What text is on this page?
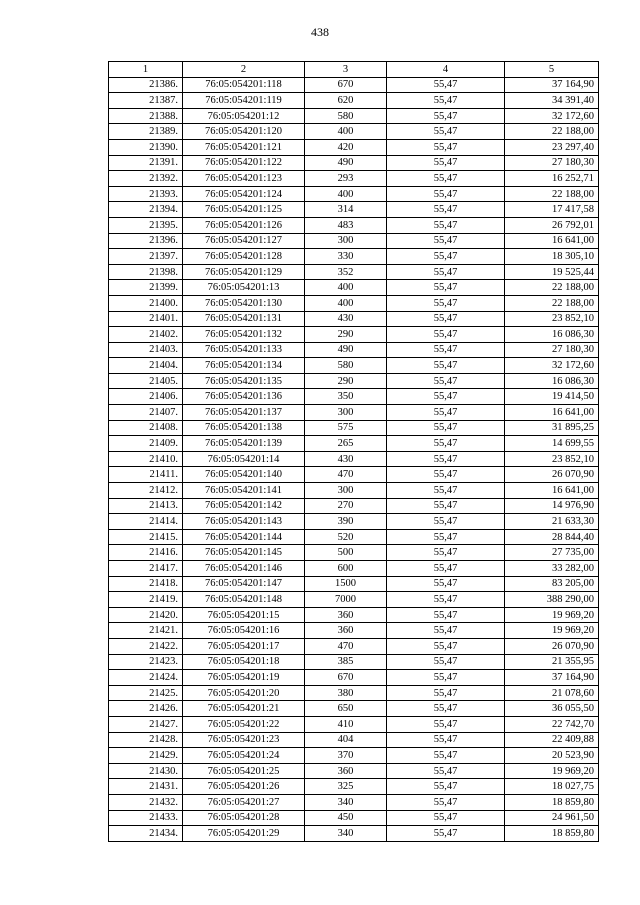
438
1	2	3	4	5
21386.	76:05:054201:118	670	55,47	37 164,90
21387.	76:05:054201:119	620	55,47	34 391,40
21388.	76:05:054201:12	580	55,47	32 172,60
21389.	76:05:054201:120	400	55,47	22 188,00
21390.	76:05:054201:121	420	55,47	23 297,40
21391.	76:05:054201:122	490	55,47	27 180,30
21392.	76:05:054201:123	293	55,47	16 252,71
21393.	76:05:054201:124	400	55,47	22 188,00
21394.	76:05:054201:125	314	55,47	17 417,58
21395.	76:05:054201:126	483	55,47	26 792,01
21396.	76:05:054201:127	300	55,47	16 641,00
21397.	76:05:054201:128	330	55,47	18 305,10
21398.	76:05:054201:129	352	55,47	19 525,44
21399.	76:05:054201:13	400	55,47	22 188,00
21400.	76:05:054201:130	400	55,47	22 188,00
21401.	76:05:054201:131	430	55,47	23 852,10
21402.	76:05:054201:132	290	55,47	16 086,30
21403.	76:05:054201:133	490	55,47	27 180,30
21404.	76:05:054201:134	580	55,47	32 172,60
21405.	76:05:054201:135	290	55,47	16 086,30
21406.	76:05:054201:136	350	55,47	19 414,50
21407.	76:05:054201:137	300	55,47	16 641,00
21408.	76:05:054201:138	575	55,47	31 895,25
21409.	76:05:054201:139	265	55,47	14 699,55
21410.	76:05:054201:14	430	55,47	23 852,10
21411.	76:05:054201:140	470	55,47	26 070,90
21412.	76:05:054201:141	300	55,47	16 641,00
21413.	76:05:054201:142	270	55,47	14 976,90
21414.	76:05:054201:143	390	55,47	21 633,30
21415.	76:05:054201:144	520	55,47	28 844,40
21416.	76:05:054201:145	500	55,47	27 735,00
21417.	76:05:054201:146	600	55,47	33 282,00
21418.	76:05:054201:147	1500	55,47	83 205,00
21419.	76:05:054201:148	7000	55,47	388 290,00
21420.	76:05:054201:15	360	55,47	19 969,20
21421.	76:05:054201:16	360	55,47	19 969,20
21422.	76:05:054201:17	470	55,47	26 070,90
21423.	76:05:054201:18	385	55,47	21 355,95
21424.	76:05:054201:19	670	55,47	37 164,90
21425.	76:05:054201:20	380	55,47	21 078,60
21426.	76:05:054201:21	650	55,47	36 055,50
21427.	76:05:054201:22	410	55,47	22 742,70
21428.	76:05:054201:23	404	55,47	22 409,88
21429.	76:05:054201:24	370	55,47	20 523,90
21430.	76:05:054201:25	360	55,47	19 969,20
21431.	76:05:054201:26	325	55,47	18 027,75
21432.	76:05:054201:27	340	55,47	18 859,80
21433.	76:05:054201:28	450	55,47	24 961,50
21434.	76:05:054201:29	340	55,47	18 859,80
